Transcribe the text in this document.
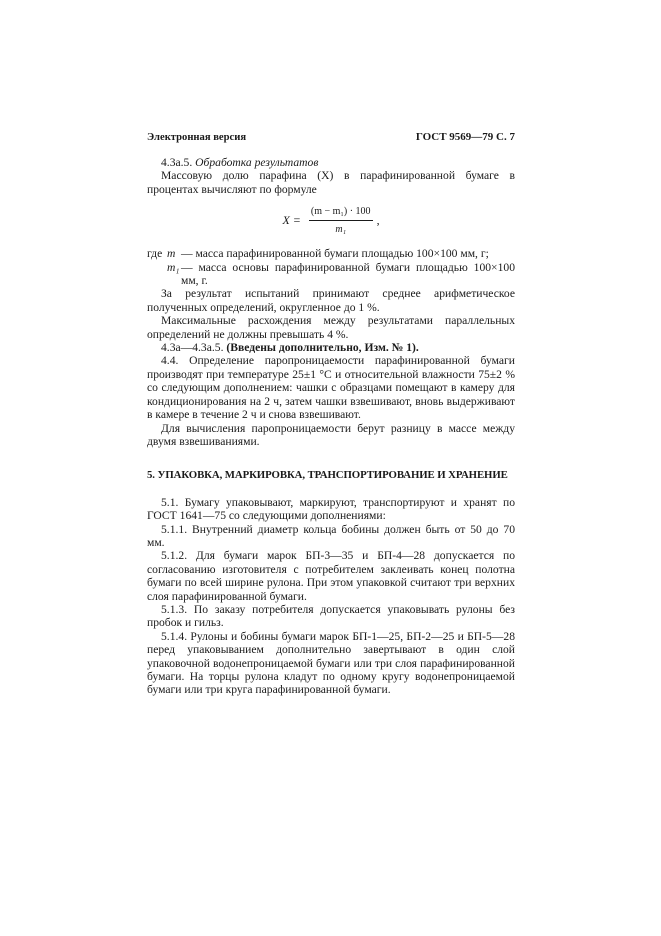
Электронная версия	ГОСТ 9569—79 С. 7

4.3а.5. Обработка результатов

Массовую долю парафина (X) в парафинированной бумаге в процентах вычисляют по формуле

$X = \frac{\text{(m − m₁) · 100}}{\text{m₁}}$ ,
где m — масса парафинированной бумаги площадью 100×100 мм, г;
m₁ — масса основы парафинированной бумаги площадью 100×100 мм, г.

За результат испытаний принимают среднее арифметическое полученных определений, округленное до 1 %.

Максимальные расхождения между результатами параллельных определений не должны превышать 4 %.

4.3а—4.3а.5. (Введены дополнительно, Изм. № 1).

4.4. Определение паропроницаемости парафинированной бумаги производят при температуре 25±1 °С и относительной влажности 75±2 % со следующим дополнением: чашки с образцами помещают в камеру для кондиционирования на 2 ч, затем чашки взвешивают, вновь выдерживают в камере в течение 2 ч и снова взвешивают.

Для вычисления паропроницаемости берут разницу в массе между двумя взвешиваниями.

5. УПАКОВКА, МАРКИРОВКА, ТРАНСПОРТИРОВАНИЕ И ХРАНЕНИЕ

5.1. Бумагу упаковывают, маркируют, транспортируют и хранят по ГОСТ 1641—75 со следующими дополнениями:

5.1.1. Внутренний диаметр кольца бобины должен быть от 50 до 70 мм.

5.1.2. Для бумаги марок БП-3—35 и БП-4—28 допускается по согласованию изготовителя с потребителем заклеивать конец полотна бумаги по всей ширине рулона. При этом упаковкой считают три верхних слоя парафинированной бумаги.

5.1.3. По заказу потребителя допускается упаковывать рулоны без пробок и гильз.

5.1.4. Рулоны и бобины бумаги марок БП-1—25, БП-2—25 и БП-5—28 перед упаковыванием дополнительно завертывают в один слой упаковочной водонепроницаемой бумаги или три слоя парафинированной бумаги. На торцы рулона кладут по одному кругу водонепроницаемой бумаги или три круга парафинированной бумаги.
